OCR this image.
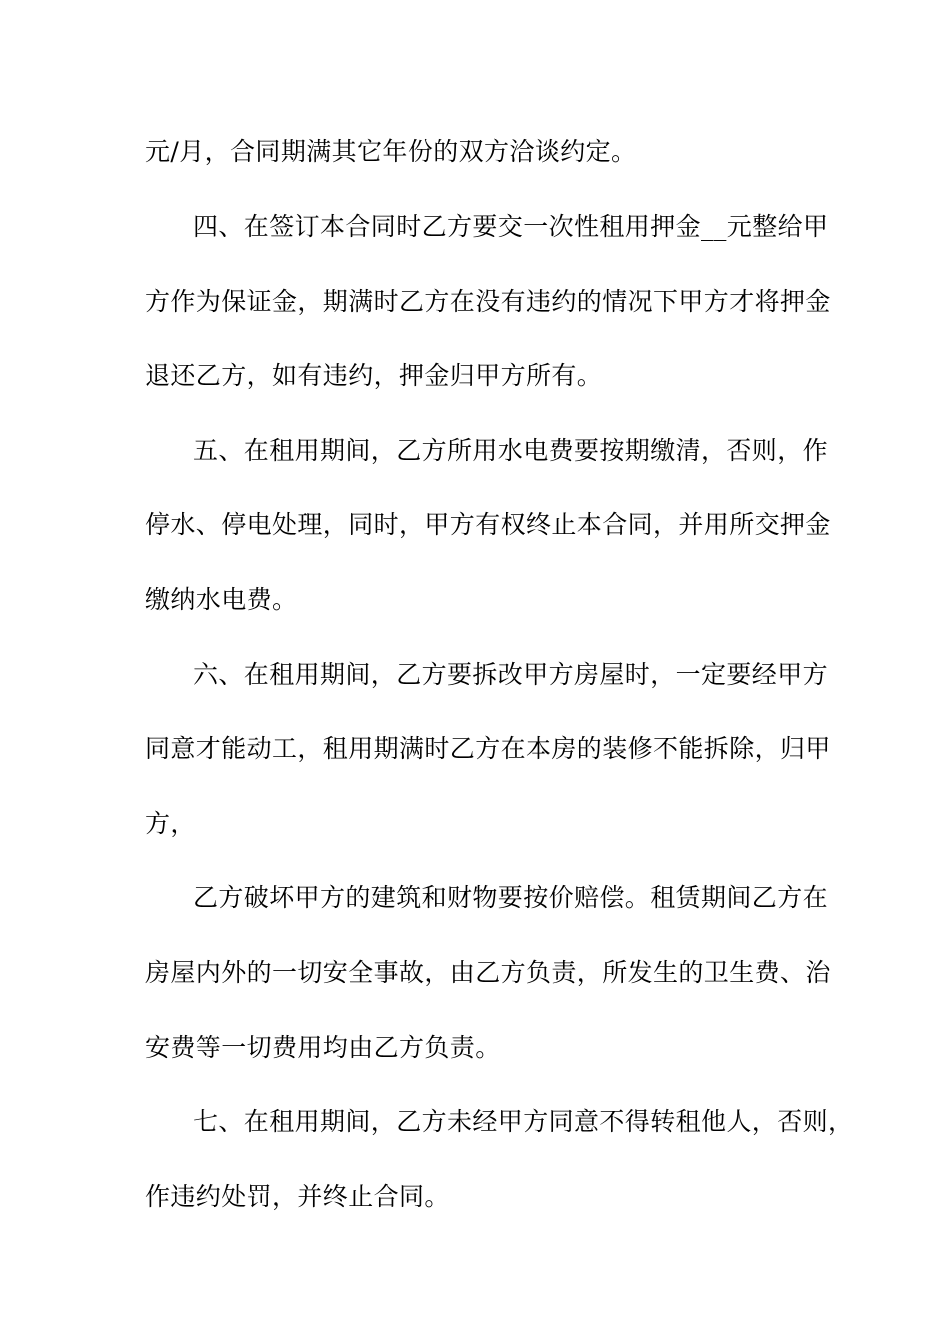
元/月，合同期满其它年份的双方洽谈约定。

四、在签订本合同时乙方要交一次性租用押金__元整给甲

方作为保证金，期满时乙方在没有违约的情况下甲方才将押金

退还乙方，如有违约，押金归甲方所有。

五、在租用期间，乙方所用水电费要按期缴清，否则，作

停水、停电处理，同时，甲方有权终止本合同，并用所交押金

缴纳水电费。

六、在租用期间，乙方要拆改甲方房屋时，一定要经甲方

同意才能动工，租用期满时乙方在本房的装修不能拆除，归甲

方，

乙方破坏甲方的建筑和财物要按价赔偿。租赁期间乙方在

房屋内外的一切安全事故，由乙方负责，所发生的卫生费、治

安费等一切费用均由乙方负责。

七、在租用期间，乙方未经甲方同意不得转租他人，否则，

作违约处罚，并终止合同。
